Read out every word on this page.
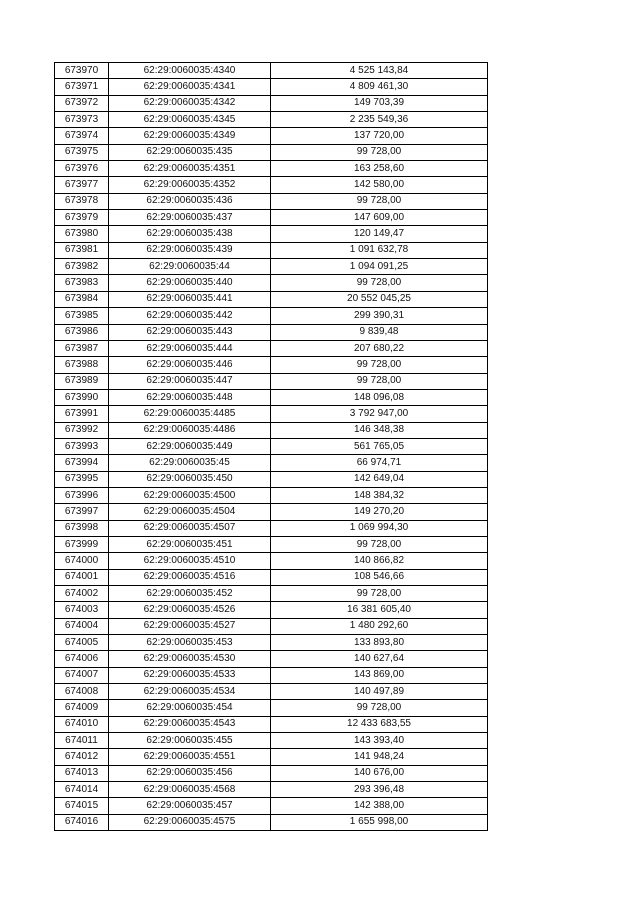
673970	62:29:0060035:4340	4 525 143,84
673971	62:29:0060035:4341	4 809 461,30
673972	62:29:0060035:4342	149 703,39
673973	62:29:0060035:4345	2 235 549,36
673974	62:29:0060035:4349	137 720,00
673975	62:29:0060035:435	99 728,00
673976	62:29:0060035:4351	163 258,60
673977	62:29:0060035:4352	142 580,00
673978	62:29:0060035:436	99 728,00
673979	62:29:0060035:437	147 609,00
673980	62:29:0060035:438	120 149,47
673981	62:29:0060035:439	1 091 632,78
673982	62:29:0060035:44	1 094 091,25
673983	62:29:0060035:440	99 728,00
673984	62:29:0060035:441	20 552 045,25
673985	62:29:0060035:442	299 390,31
673986	62:29:0060035:443	9 839,48
673987	62:29:0060035:444	207 680,22
673988	62:29:0060035:446	99 728,00
673989	62:29:0060035:447	99 728,00
673990	62:29:0060035:448	148 096,08
673991	62:29:0060035:4485	3 792 947,00
673992	62:29:0060035:4486	146 348,38
673993	62:29:0060035:449	561 765,05
673994	62:29:0060035:45	66 974,71
673995	62:29:0060035:450	142 649,04
673996	62:29:0060035:4500	148 384,32
673997	62:29:0060035:4504	149 270,20
673998	62:29:0060035:4507	1 069 994,30
673999	62:29:0060035:451	99 728,00
674000	62:29:0060035:4510	140 866,82
674001	62:29:0060035:4516	108 546,66
674002	62:29:0060035:452	99 728,00
674003	62:29:0060035:4526	16 381 605,40
674004	62:29:0060035:4527	1 480 292,60
674005	62:29:0060035:453	133 893,80
674006	62:29:0060035:4530	140 627,64
674007	62:29:0060035:4533	143 869,00
674008	62:29:0060035:4534	140 497,89
674009	62:29:0060035:454	99 728,00
674010	62:29:0060035:4543	12 433 683,55
674011	62:29:0060035:455	143 393,40
674012	62:29:0060035:4551	141 948,24
674013	62:29:0060035:456	140 676,00
674014	62:29:0060035:4568	293 396,48
674015	62:29:0060035:457	142 388,00
674016	62:29:0060035:4575	1 655 998,00
